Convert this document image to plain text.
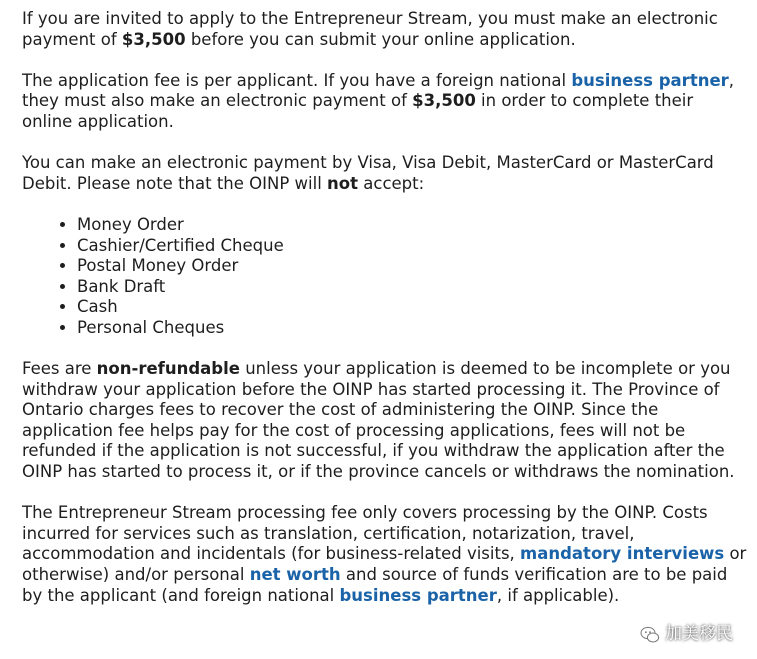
If you are invited to apply to the Entrepreneur Stream, you must make an electronic payment of $3,500 before you can submit your online application.

The application fee is per applicant. If you have a foreign national business partner, they must also make an electronic payment of $3,500 in order to complete their online application.

You can make an electronic payment by Visa, Visa Debit, MasterCard or MasterCard Debit. Please note that the OINP will not accept:

• Money Order
• Cashier/Certified Cheque
• Postal Money Order
• Bank Draft
• Cash
• Personal Cheques

Fees are non-refundable unless your application is deemed to be incomplete or you withdraw your application before the OINP has started processing it. The Province of Ontario charges fees to recover the cost of administering the OINP. Since the application fee helps pay for the cost of processing applications, fees will not be refunded if the application is not successful, if you withdraw the application after the OINP has started to process it, or if the province cancels or withdraws the nomination.

The Entrepreneur Stream processing fee only covers processing by the OINP. Costs incurred for services such as translation, certification, notarization, travel, accommodation and incidentals (for business-related visits, mandatory interviews or otherwise) and/or personal net worth and source of funds verification are to be paid by the applicant (and foreign national business partner, if applicable).

加美移民
